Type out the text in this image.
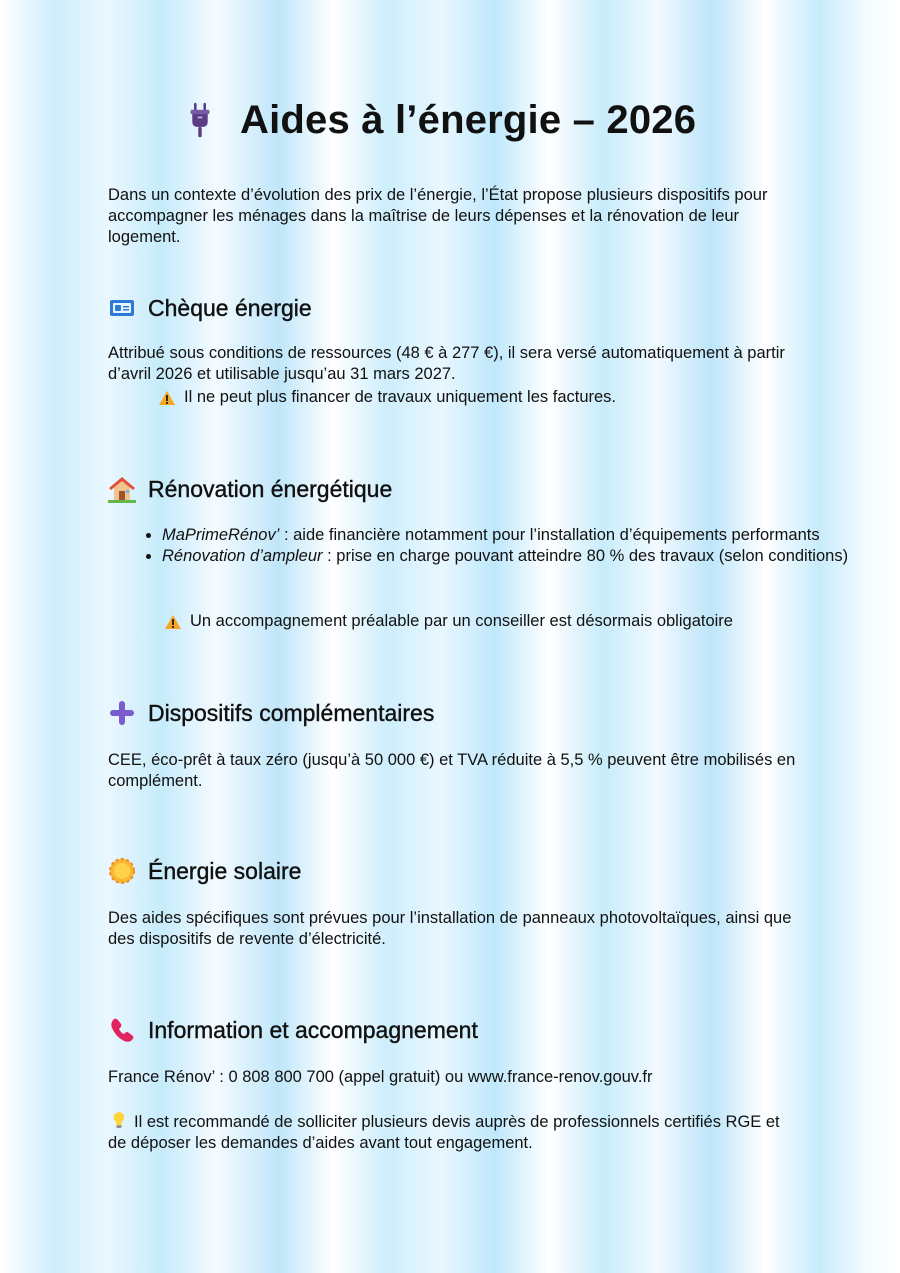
Aides à l’énergie – 2026

Dans un contexte d’évolution des prix de l’énergie, l’État propose plusieurs dispositifs pour accompagner les ménages dans la maîtrise de leurs dépenses et la rénovation de leur logement.

Chèque énergie

Attribué sous conditions de ressources (48 € à 277 €), il sera versé automatiquement à partir d’avril 2026 et utilisable jusqu’au 31 mars 2027.

Il ne peut plus financer de travaux uniquement les factures.
Rénovation énergétique
• MaPrimeRénov’ : aide financière notamment pour l’installation d’équipements performants
• Rénovation d’ampleur : prise en charge pouvant atteindre 80 % des travaux (selon conditions)
Un accompagnement préalable par un conseiller est désormais obligatoire
Dispositifs complémentaires

CEE, éco-prêt à taux zéro (jusqu’à 50 000 €) et TVA réduite à 5,5 % peuvent être mobilisés en complément.

Énergie solaire

Des aides spécifiques sont prévues pour l’installation de panneaux photovoltaïques, ainsi que des dispositifs de revente d’électricité.

Information et accompagnement

France Rénov’ : 0 808 800 700 (appel gratuit) ou www.france-renov.gouv.fr

Il est recommandé de solliciter plusieurs devis auprès de professionnels certifiés RGE et de déposer les demandes d’aides avant tout engagement.
